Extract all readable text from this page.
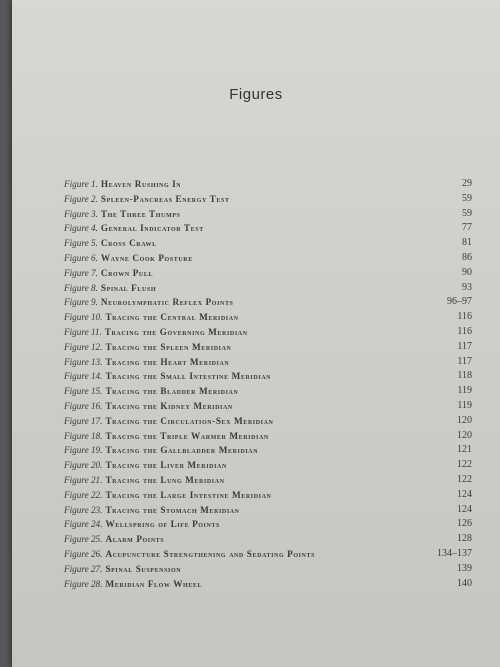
Figures
Figure 1. Heaven Rushing In	29
Figure 2. Spleen-Pancreas Energy Test	59
Figure 3. The Three Thumps	59
Figure 4. General Indicator Test	77
Figure 5. Cross Crawl	81
Figure 6. Wayne Cook Posture	86
Figure 7. Crown Pull	90
Figure 8. Spinal Flush	93
Figure 9. Neurolymphatic Reflex Points	96–97
Figure 10. Tracing the Central Meridian	116
Figure 11. Tracing the Governing Meridian	116
Figure 12. Tracing the Spleen Meridian	117
Figure 13. Tracing the Heart Meridian	117
Figure 14. Tracing the Small Intestine Meridian	118
Figure 15. Tracing the Bladder Meridian	119
Figure 16. Tracing the Kidney Meridian	119
Figure 17. Tracing the Circulation-Sex Meridian	120
Figure 18. Tracing the Triple Warmer Meridian	120
Figure 19. Tracing the Gallbladder Meridian	121
Figure 20. Tracing the Liver Meridian	122
Figure 21. Tracing the Lung Meridian	122
Figure 22. Tracing the Large Intestine Meridian	124
Figure 23. Tracing the Stomach Meridian	124
Figure 24. Wellspring of Life Points	126
Figure 25. Alarm Points	128
Figure 26. Acupuncture Strengthening and Sedating Points	134–137
Figure 27. Spinal Suspension	139
Figure 28. Meridian Flow Wheel	140
